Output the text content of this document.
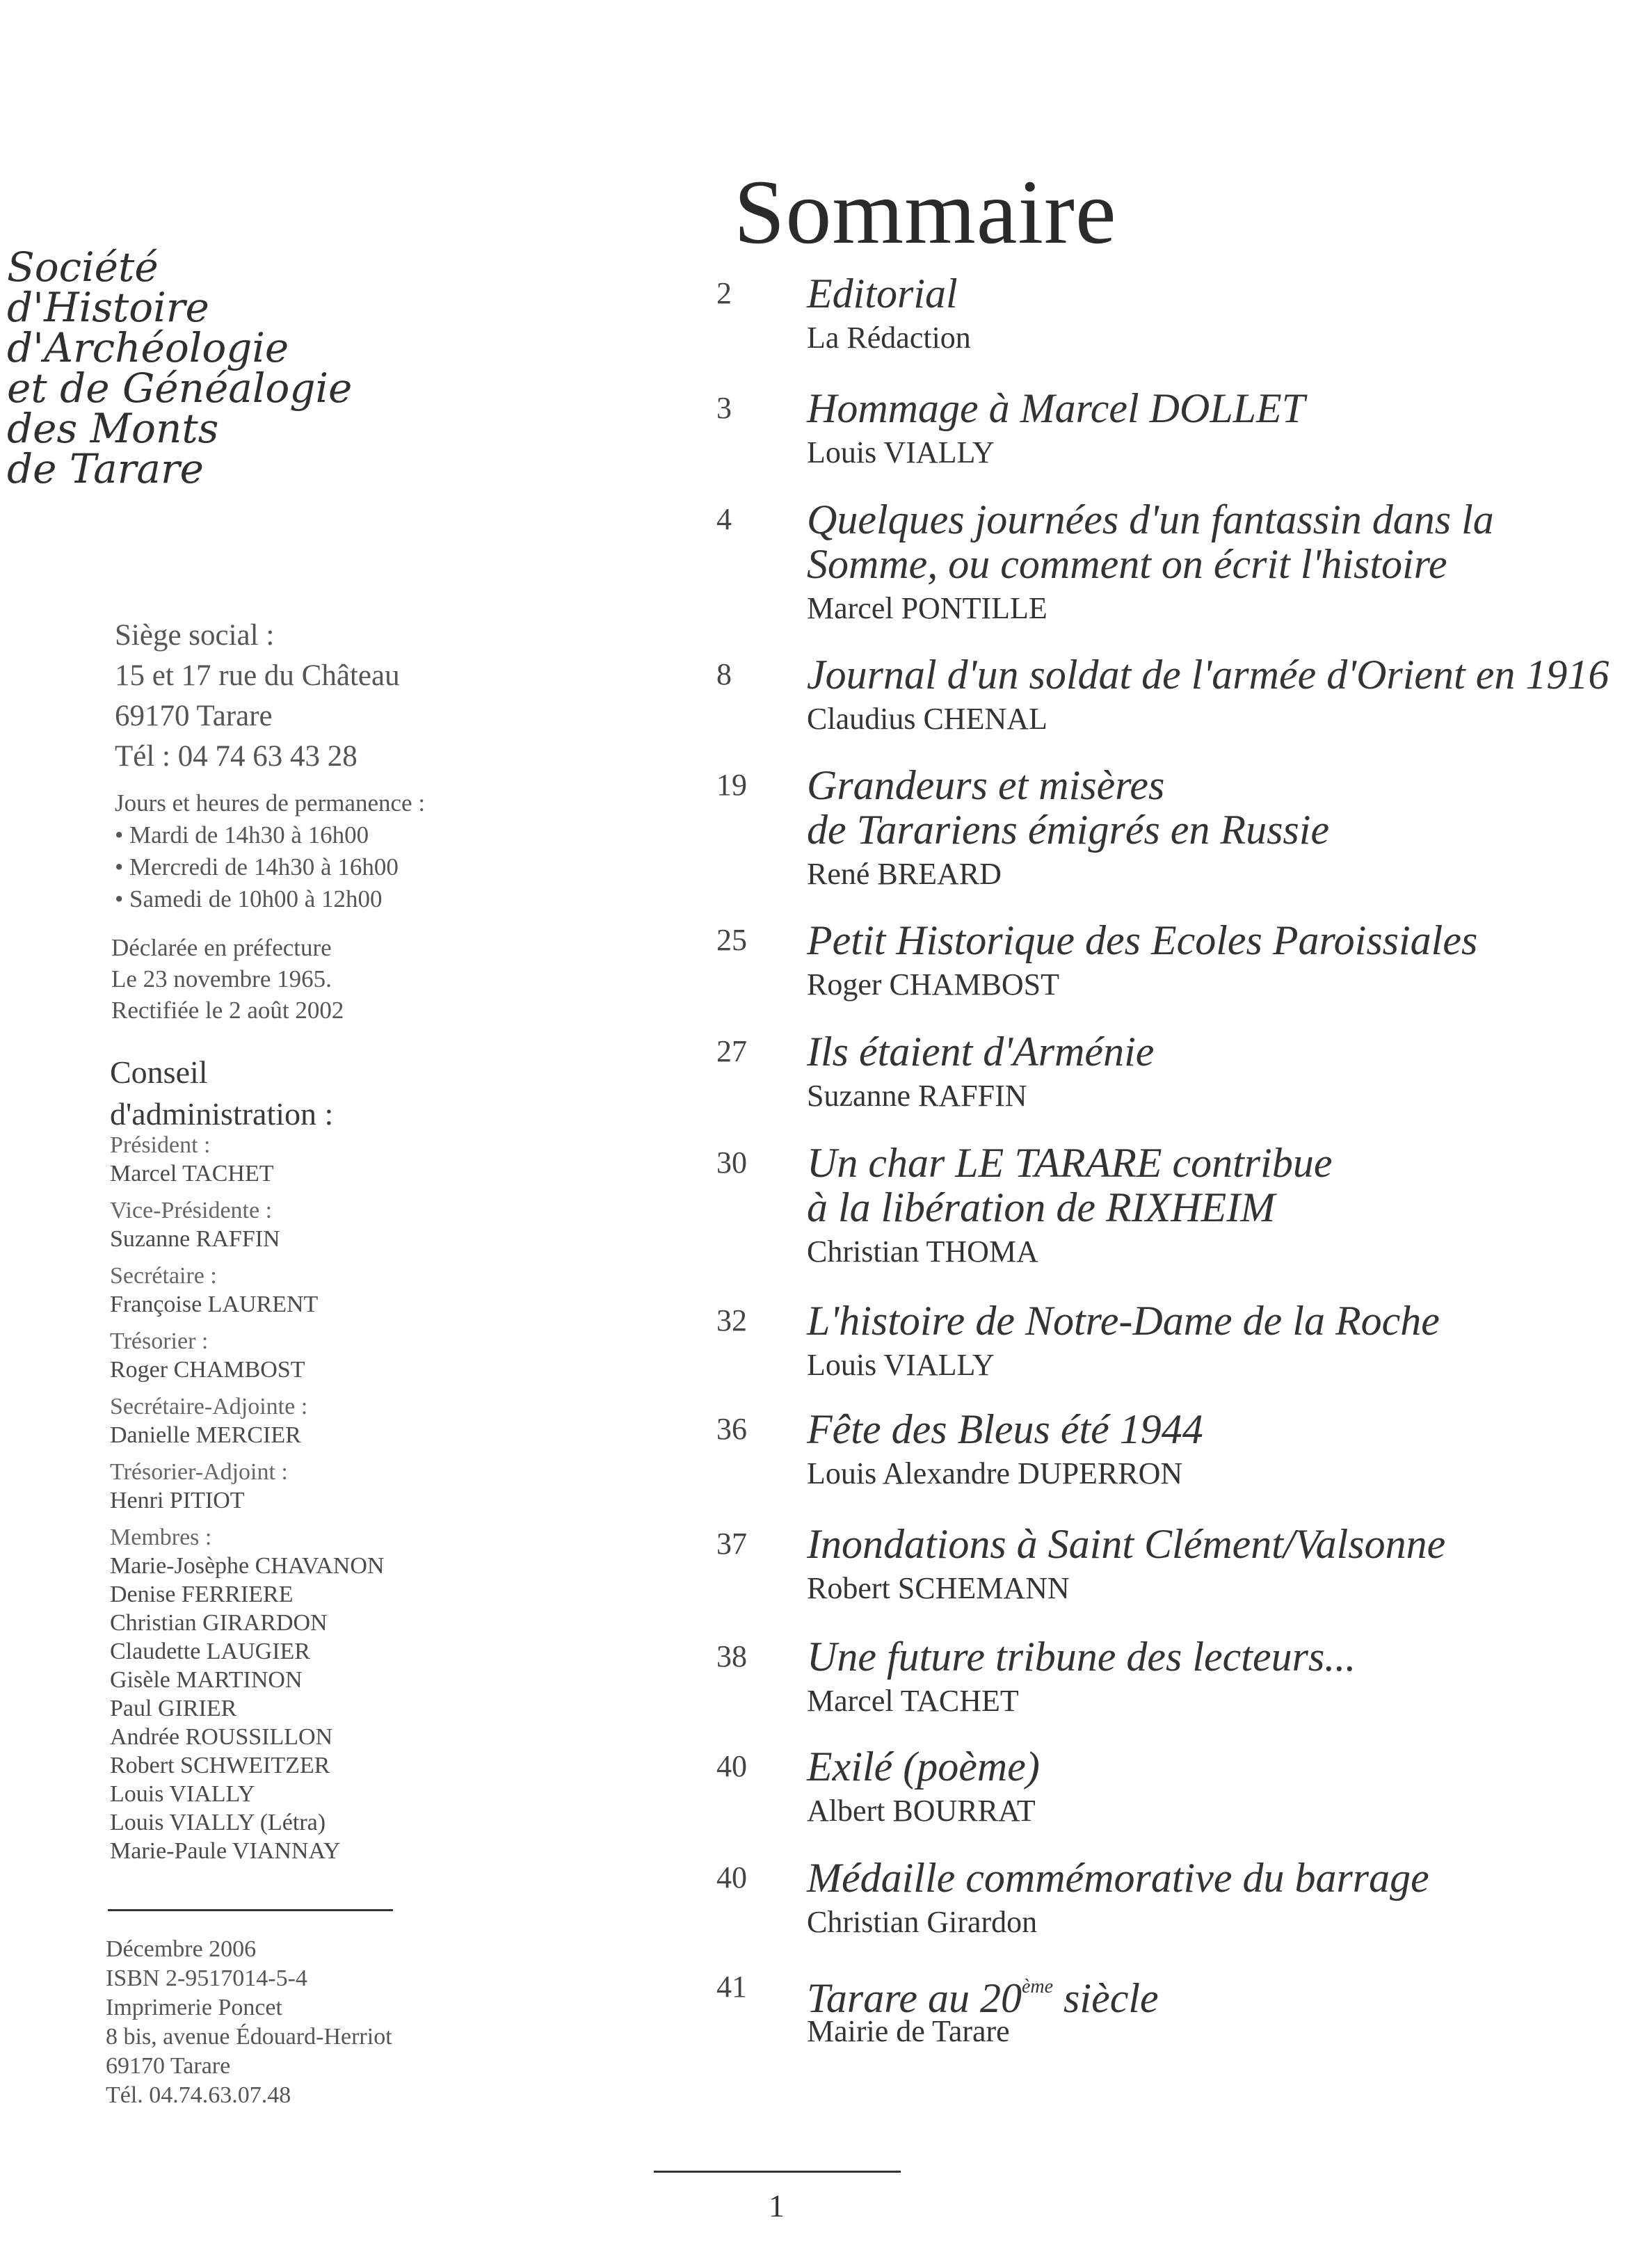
Sommaire
Société
d'Histoire
d'Archéologie
et de Généalogie
des Monts
de Tarare
Siège social :
15 et 17 rue du Château
69170 Tarare
Tél : 04 74 63 43 28
Jours et heures de permanence :
• Mardi de 14h30 à 16h00
• Mercredi de 14h30 à 16h00
• Samedi de 10h00 à 12h00
Déclarée en préfecture
Le 23 novembre 1965.
Rectifiée le 2 août 2002
Conseil
d'administration :
Président :
Marcel TACHET
Vice-Présidente :
Suzanne RAFFIN
Secrétaire :
Françoise LAURENT
Trésorier :
Roger CHAMBOST
Secrétaire-Adjointe :
Danielle MERCIER
Trésorier-Adjoint :
Henri PITIOT
Membres :
Marie-Josèphe CHAVANON
Denise FERRIERE
Christian GIRARDON
Claudette LAUGIER
Gisèle MARTINON
Paul GIRIER
Andrée ROUSSILLON
Robert SCHWEITZER
Louis VIALLY
Louis VIALLY (Létra)
Marie-Paule VIANNAY
Décembre 2006
ISBN 2-9517014-5-4
Imprimerie Poncet
8 bis, avenue Édouard-Herriot
69170 Tarare
Tél. 04.74.63.07.48
2	Editorial
La Rédaction
3	Hommage à Marcel DOLLET
Louis VIALLY
4	Quelques journées d'un fantassin dans la
Somme, ou comment on écrit l'histoire
Marcel PONTILLE
8	Journal d'un soldat de l'armée d'Orient en 1916
Claudius CHENAL
19	Grandeurs et misères
de Tarariens émigrés en Russie
René BREARD
25	Petit Historique des Ecoles Paroissiales
Roger CHAMBOST
27	Ils étaient d'Arménie
Suzanne RAFFIN
30	Un char LE TARARE contribue
à la libération de RIXHEIM
Christian THOMA
32	L'histoire de Notre-Dame de la Roche
Louis VIALLY
36	Fête des Bleus été 1944
Louis Alexandre DUPERRON
37	Inondations à Saint Clément/Valsonne
Robert SCHEMANN
38	Une future tribune des lecteurs...
Marcel TACHET
40	Exilé (poème)
Albert BOURRAT
40	Médaille commémorative du barrage
Christian Girardon
41	Tarare au 20ème siècle
Mairie de Tarare
1
